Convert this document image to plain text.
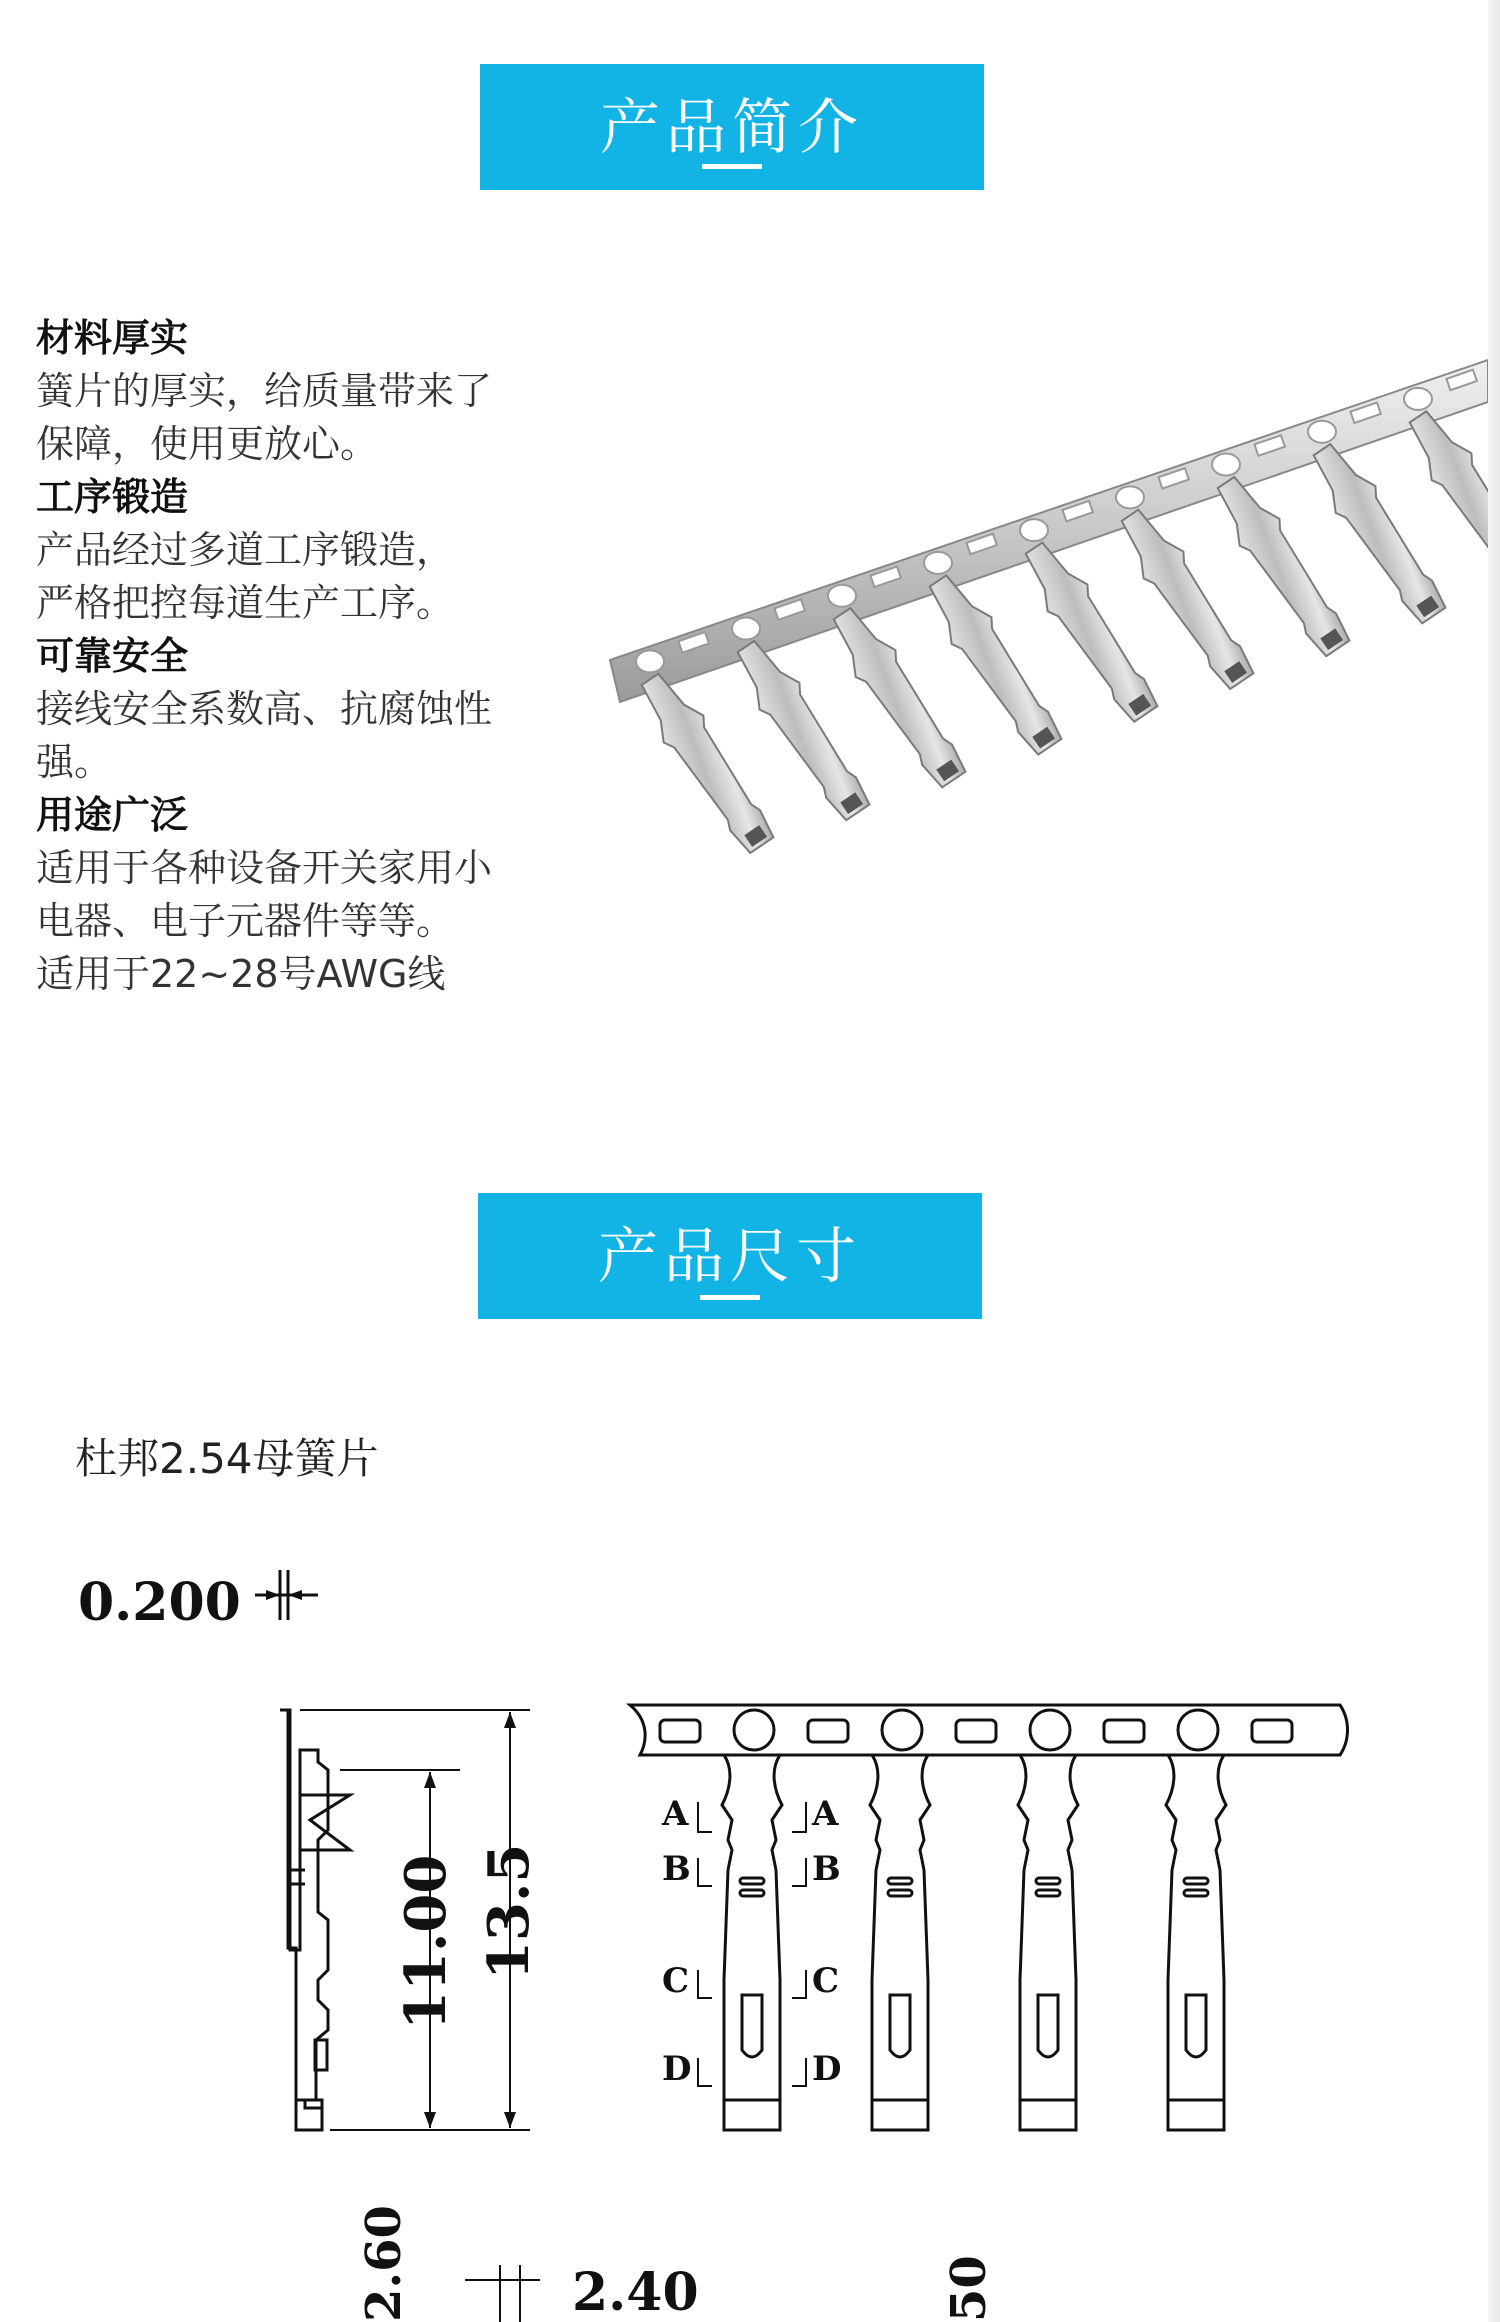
产品简介
材料厚实
簧片的厚实，给质量带来了
保障，使用更放心。
工序锻造
产品经过多道工序锻造，
严格把控每道生产工序。
可靠安全
接线安全系数高、抗腐蚀性
强。
用途广泛
适用于各种设备开关家用小
电器、电子元器件等等。
适用于22~28号AWG线
产品尺寸
杜邦2.54母簧片
0.200
11.00 13.5
A	A
B	B
C	C
D	D
2.60	2.40	50
